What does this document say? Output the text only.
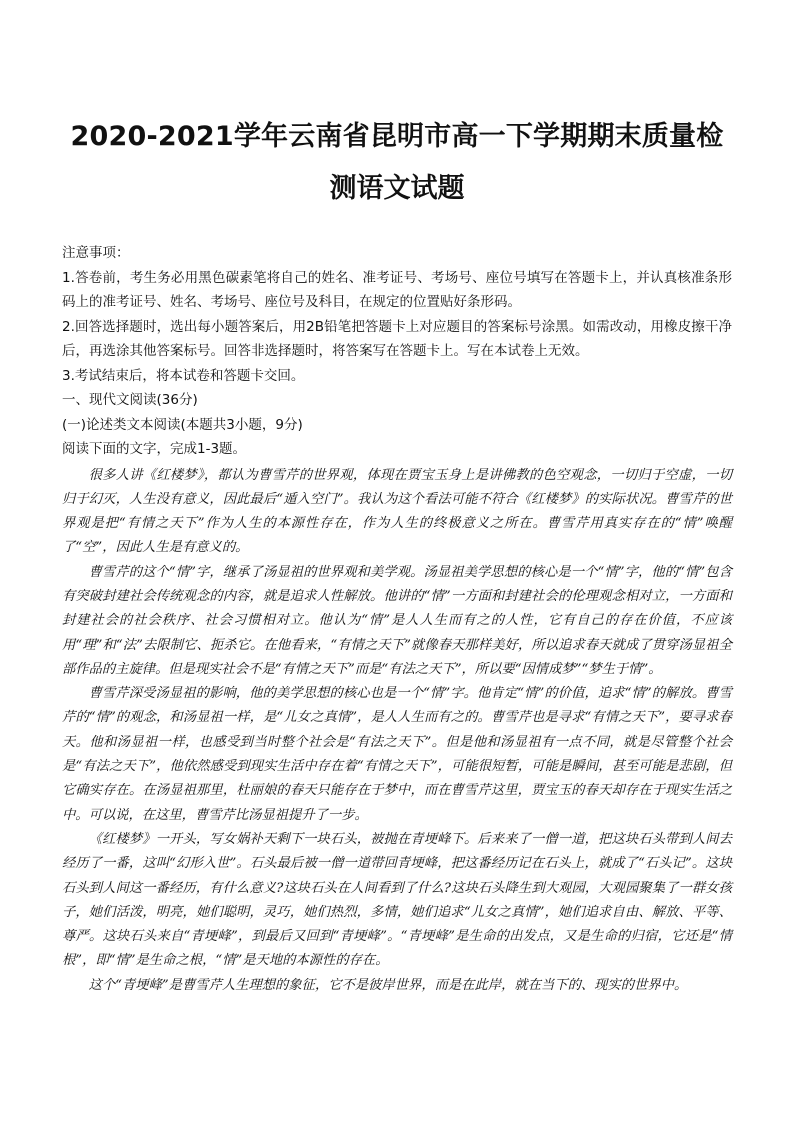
2020-2021学年云南省昆明市高一下学期期末质量检
测语文试题

注意事项：

1.答卷前，考生务必用黑色碳素笔将自己的姓名、准考证号、考场号、座位号填写在答题卡上，并认真核准条形码上的准考证号、姓名、考场号、座位号及科目，在规定的位置贴好条形码。

2.回答选择题时，选出每小题答案后，用2B铅笔把答题卡上对应题目的答案标号涂黑。如需改动，用橡皮擦干净后，再选涂其他答案标号。回答非选择题时，将答案写在答题卡上。写在本试卷上无效。

3.考试结束后，将本试卷和答题卡交回。

一、现代文阅读(36分)

(一)论述类文本阅读(本题共3小题，9分)

阅读下面的文字，完成1-3题。

很多人讲《红楼梦》，都认为曹雪芹的世界观，体现在贾宝玉身上是讲佛教的色空观念，一切归于空虚，一切归于幻灭，人生没有意义，因此最后“遁入空门”。我认为这个看法可能不符合《红楼梦》的实际状况。曹雪芹的世界观是把“有情之天下”作为人生的本源性存在，作为人生的终极意义之所在。曹雪芹用真实存在的“情”唤醒了“空”，因此人生是有意义的。

曹雪芹的这个“情”字，继承了汤显祖的世界观和美学观。汤显祖美学思想的核心是一个“情”字，他的“情”包含有突破封建社会传统观念的内容，就是追求人性解放。他讲的“情”一方面和封建社会的伦理观念相对立，一方面和封建社会的社会秩序、社会习惯相对立。他认为“情”是人人生而有之的人性，它有自己的存在价值，不应该用“理”和“法”去限制它、扼杀它。在他看来，“有情之天下”就像春天那样美好，所以追求春天就成了贯穿汤显祖全部作品的主旋律。但是现实社会不是“有情之天下”而是“有法之天下”，所以要“因情成梦”“梦生于情”。

曹雪芹深受汤显祖的影响，他的美学思想的核心也是一个“情”字。他肯定“情”的价值，追求“情”的解放。曹雪芹的“情”的观念，和汤显祖一样，是“儿女之真情”，是人人生而有之的。曹雪芹也是寻求“有情之天下”，要寻求春天。他和汤显祖一样，也感受到当时整个社会是“有法之天下”。但是他和汤显祖有一点不同，就是尽管整个社会是“有法之天下”，他依然感受到现实生活中存在着“有情之天下”，可能很短暂，可能是瞬间，甚至可能是悲剧，但它确实存在。在汤显祖那里，杜丽娘的春天只能存在于梦中，而在曹雪芹这里，贾宝玉的春天却存在于现实生活之中。可以说，在这里，曹雪芹比汤显祖提升了一步。

《红楼梦》一开头，写女娲补天剩下一块石头，被抛在青埂峰下。后来来了一僧一道，把这块石头带到人间去经历了一番，这叫“幻形入世”。石头最后被一僧一道带回青埂峰，把这番经历记在石头上，就成了“石头记”。这块石头到人间这一番经历，有什么意义?这块石头在人间看到了什么?这块石头降生到大观园，大观园聚集了一群女孩子，她们活泼，明亮，她们聪明，灵巧，她们热烈，多情，她们追求“儿女之真情”，她们追求自由、解放、平等、尊严。这块石头来自“青埂峰”，到最后又回到“青埂峰”。“青埂峰”是生命的出发点，又是生命的归宿，它还是“情根”，即“情”是生命之根，“情”是天地的本源性的存在。

这个“青埂峰”是曹雪芹人生理想的象征，它不是彼岸世界，而是在此岸，就在当下的、现实的世界中。
